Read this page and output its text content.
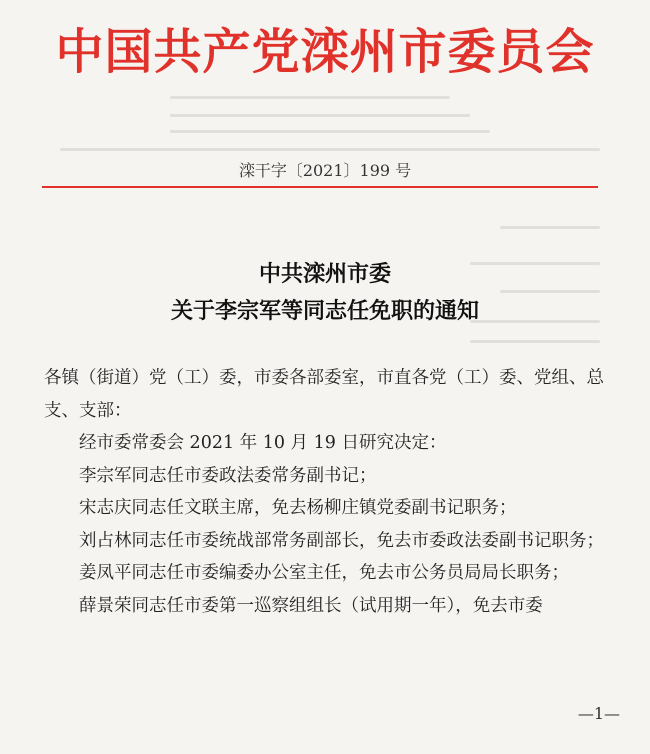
中国共产党滦州市委员会
滦干字〔2021〕199 号
中共滦州市委
关于李宗军等同志任免职的通知

各镇（街道）党（工）委，市委各部委室，市直各党（工）委、党组、总支、支部：

经市委常委会 2021 年 10 月 19 日研究决定：

李宗军同志任市委政法委常务副书记；

宋志庆同志任文联主席，免去杨柳庄镇党委副书记职务；

刘占林同志任市委统战部常务副部长，免去市委政法委副书记职务；

姜凤平同志任市委编委办公室主任，免去市公务员局局长职务；

薛景荣同志任市委第一巡察组组长（试用期一年），免去市委

—1—
